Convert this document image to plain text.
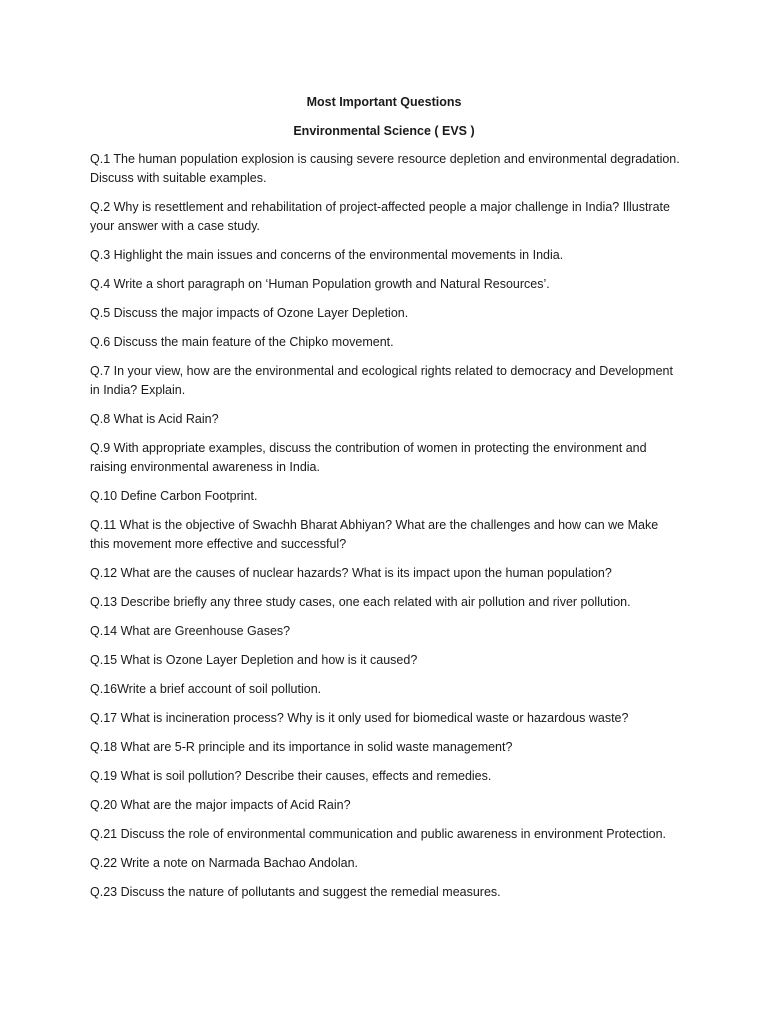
Most Important Questions
Environmental Science ( EVS )
Q.1 The human population explosion is causing severe resource depletion and environmental degradation. Discuss with suitable examples.
Q.2 Why is resettlement and rehabilitation of project-affected people a major challenge in India? Illustrate your answer with a case study.
Q.3 Highlight the main issues and concerns of the environmental movements in India.
Q.4 Write a short paragraph on ‘Human Population growth and Natural Resources’.
Q.5 Discuss the major impacts of Ozone Layer Depletion.
Q.6 Discuss the main feature of the Chipko movement.
Q.7 In your view, how are the environmental and ecological rights related to democracy and Development in India? Explain.
Q.8 What is Acid Rain?
Q.9 With appropriate examples, discuss the contribution of women in protecting the environment and raising environmental awareness in India.
Q.10 Define Carbon Footprint.
Q.11 What is the objective of Swachh Bharat Abhiyan? What are the challenges and how can we Make this movement more effective and successful?
Q.12 What are the causes of nuclear hazards? What is its impact upon the human population?
Q.13 Describe briefly any three study cases, one each related with air pollution and river pollution.
Q.14 What are Greenhouse Gases?
Q.15 What is Ozone Layer Depletion and how is it caused?
Q.16Write a brief account of soil pollution.
Q.17 What is incineration process? Why is it only used for biomedical waste or hazardous waste?
Q.18 What are 5-R principle and its importance in solid waste management?
Q.19 What is soil pollution? Describe their causes, effects and remedies.
Q.20 What are the major impacts of Acid Rain?
Q.21 Discuss the role of environmental communication and public awareness in environment Protection.
Q.22 Write a note on Narmada Bachao Andolan.
Q.23 Discuss the nature of pollutants and suggest the remedial measures.
